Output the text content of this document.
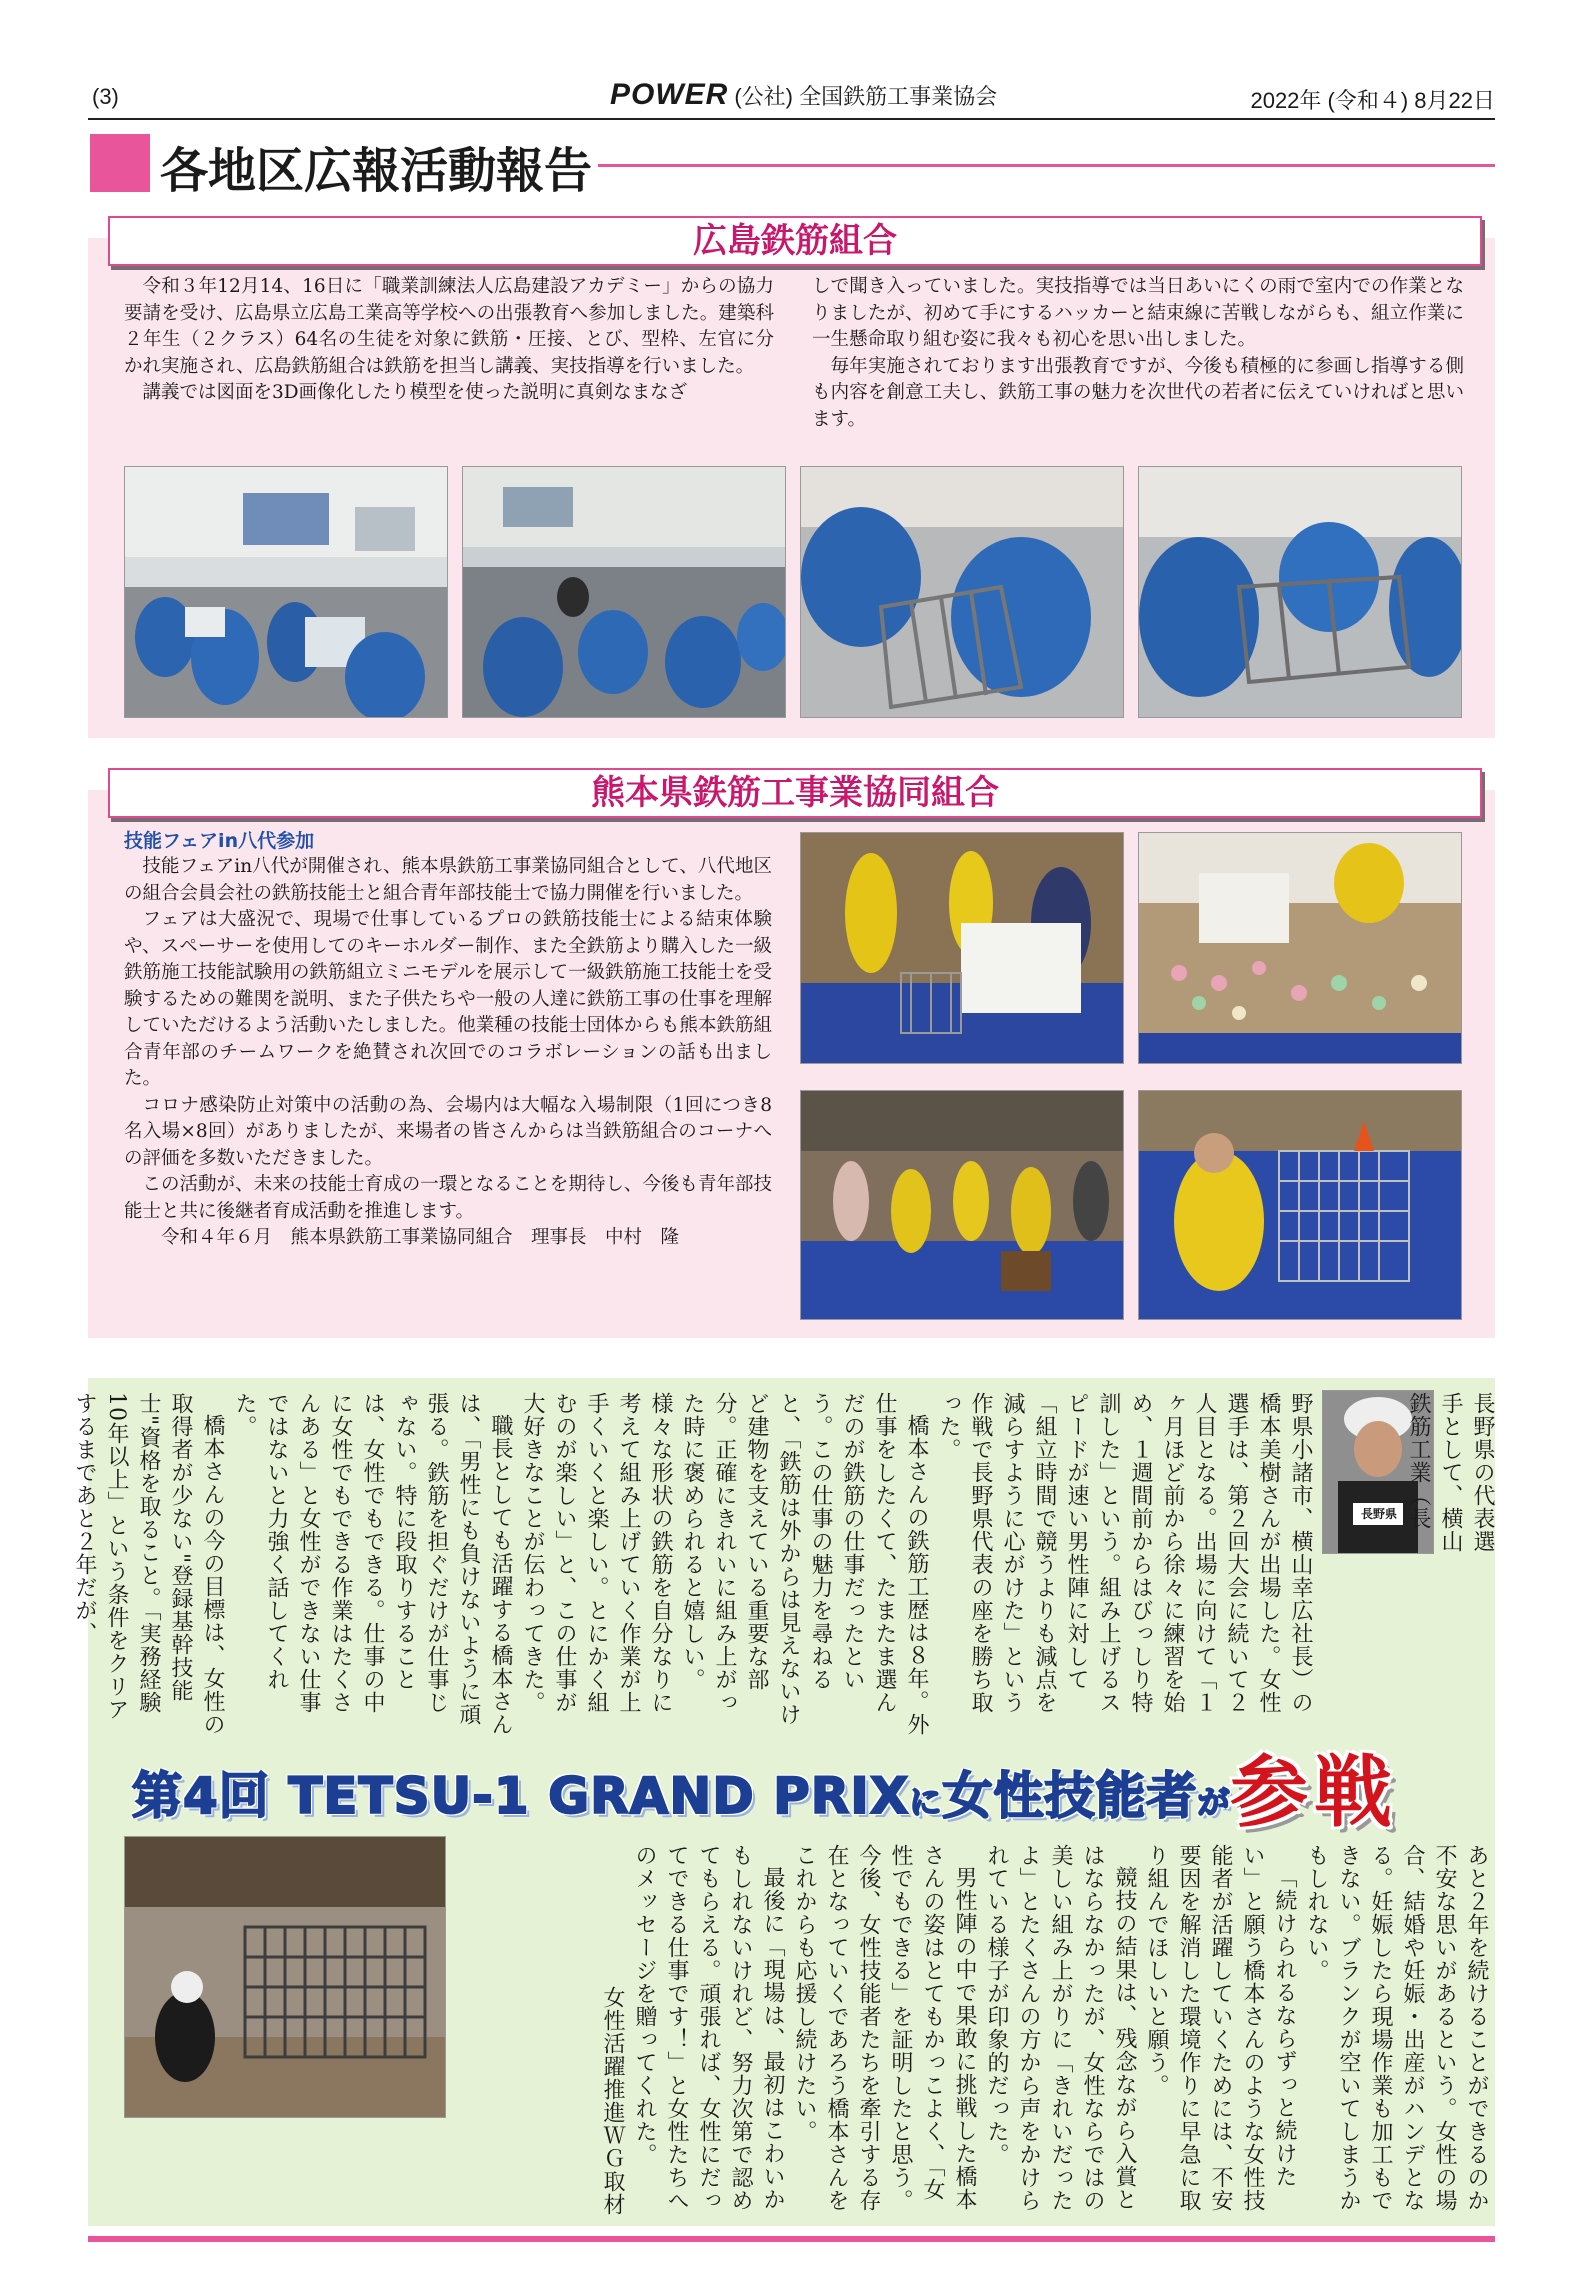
(3)	POWER (公社) 全国鉄筋工事業協会	2022年 (令和４) 8月22日
各地区広報活動報告
広島鉄筋組合

令和３年12月14、16日に「職業訓練法人広島建設アカデミー」からの協力要請を受け、広島県立広島工業高等学校への出張教育へ参加しました。建築科２年生（２クラス）64名の生徒を対象に鉄筋・圧接、とび、型枠、左官に分かれ実施され、広島鉄筋組合は鉄筋を担当し講義、実技指導を行いました。

講義では図面を3D画像化したり模型を使った説明に真剣なまなざ

しで聞き入っていました。実技指導では当日あいにくの雨で室内での作業となりましたが、初めて手にするハッカーと結束線に苦戦しながらも、組立作業に一生懸命取り組む姿に我々も初心を思い出しました。

毎年実施されております出張教育ですが、今後も積極的に参画し指導する側も内容を創意工夫し、鉄筋工事の魅力を次世代の若者に伝えていければと思います。

熊本県鉄筋工事業協同組合
技能フェアin八代参加

技能フェアin八代が開催され、熊本県鉄筋工事業協同組合として、八代地区の組合会員会社の鉄筋技能士と組合青年部技能士で協力開催を行いました。

フェアは大盛況で、現場で仕事しているプロの鉄筋技能士による結束体験や、スペーサーを使用してのキーホルダー制作、また全鉄筋より購入した一級鉄筋施工技能試験用の鉄筋組立ミニモデルを展示して一級鉄筋施工技能士を受験するための難関を説明、また子供たちや一般の人達に鉄筋工事の仕事を理解していただけるよう活動いたしました。他業種の技能士団体からも熊本鉄筋組合青年部のチームワークを絶賛され次回でのコラボレーションの話も出ました。

コロナ感染防止対策中の活動の為、会場内は大幅な入場制限（1回につき8名入場×8回）がありましたが、来場者の皆さんからは当鉄筋組合のコーナへの評価を多数いただきました。

この活動が、未来の技能士育成の一環となることを期待し、今後も青年部技能士と共に後継者育成活動を推進します。

令和４年６月　熊本県鉄筋工事業協同組合　理事長　中村　隆

長野県	長野県の代表選手として、横山鉄筋工業（長

野県小諸市、横山幸広社長）の橋本美樹さんが出場した。女性選手は、第２回大会に続いて２人目となる。出場に向けて「１ヶ月ほど前から徐々に練習を始め、１週間前からはびっしり特訓した」という。組み上げるスピードが速い男性陣に対して「組立時間で競うよりも減点を減らすように心がけた」という作戦で長野県代表の座を勝ち取った。

橋本さんの鉄筋工歴は８年。外仕事をしたくて、たまたま選んだのが鉄筋の仕事だったという。この仕事の魅力を尋ねると、「鉄筋は外からは見えないけど建物を支えている重要な部分。正確にきれいに組み上がった時に褒められると嬉しい。様々な形状の鉄筋を自分なりに考えて組み上げていく作業が上手くいくと楽しい。とにかく組むのが楽しい」と、この仕事が大好きなことが伝わってきた。

職長としても活躍する橋本さんは、「男性にも負けないように頑張る。鉄筋を担ぐだけが仕事じゃない。特に段取りすることは、女性でもできる。仕事の中に女性でもできる作業はたくさんある」と女性ができない仕事ではないと力強く話してくれた。

橋本さんの今の目標は、女性の取得者が少ない"登録基幹技能士"資格を取ること。「実務経験10年以上」という条件をクリアするまであと２年だが、

第4回 TETSU-1 GRAND PRIXに女性技能者が 参戦

あと２年を続けることができるのか不安な思いがあるという。女性の場合、結婚や妊娠・出産がハンデとなる。妊娠したら現場作業も加工もできない。ブランクが空いてしまうかもしれない。

「続けられるならずっと続けたい」と願う橋本さんのような女性技能者が活躍していくためには、不安要因を解消した環境作りに早急に取り組んでほしいと願う。

競技の結果は、残念ながら入賞とはならなかったが、女性ならではの美しい組み上がりに「きれいだったよ」とたくさんの方から声をかけられている様子が印象的だった。

男性陣の中で果敢に挑戦した橋本さんの姿はとてもかっこよく、「女性でもできる」を証明したと思う。今後、女性技能者たちを牽引する存在となっていくであろう橋本さんをこれからも応援し続けたい。

最後に「現場は、最初はこわいかもしれないけれど、努力次第で認めてもらえる。頑張れば、女性にだってできる仕事です！」と女性たちへのメッセージを贈ってくれた。

女性活躍推進ＷＧ取材
